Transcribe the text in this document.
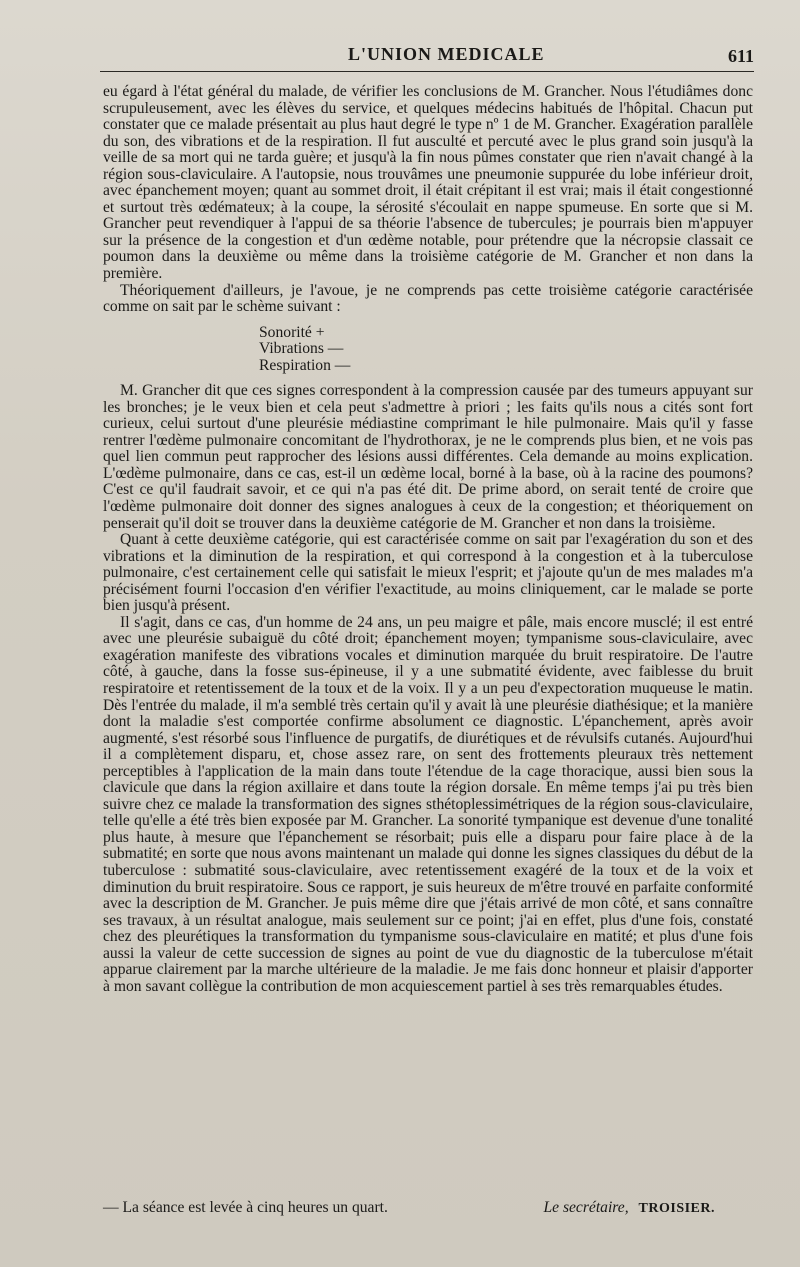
L'UNION MEDICALE	611

eu égard à l'état général du malade, de vérifier les conclusions de M. Grancher. Nous l'étudiâmes donc scrupuleusement, avec les élèves du service, et quelques médecins habitués de l'hôpital. Chacun put constater que ce malade présentait au plus haut degré le type nº 1 de M. Grancher. Exagération parallèle du son, des vibrations et de la respiration. Il fut ausculté et percuté avec le plus grand soin jusqu'à la veille de sa mort qui ne tarda guère; et jusqu'à la fin nous pûmes constater que rien n'avait changé à la région sous-claviculaire. A l'autopsie, nous trouvâmes une pneumonie suppurée du lobe inférieur droit, avec épanchement moyen; quant au sommet droit, il était crépitant il est vrai; mais il était congestionné et surtout très œdémateux; à la coupe, la sérosité s'écoulait en nappe spumeuse. En sorte que si M. Grancher peut revendiquer à l'appui de sa théorie l'absence de tubercules; je pourrais bien m'appuyer sur la présence de la congestion et d'un œdème notable, pour prétendre que la nécropsie classait ce poumon dans la deuxième ou même dans la troisième catégorie de M. Grancher et non dans la première.

Théoriquement d'ailleurs, je l'avoue, je ne comprends pas cette troisième catégorie caractérisée comme on sait par le schème suivant :

Sonorité +
Vibrations —
Respiration —

M. Grancher dit que ces signes correspondent à la compression causée par des tumeurs appuyant sur les bronches; je le veux bien et cela peut s'admettre à priori ; les faits qu'ils nous a cités sont fort curieux, celui surtout d'une pleurésie médiastine comprimant le hile pulmonaire. Mais qu'il y fasse rentrer l'œdème pulmonaire concomitant de l'hydrothorax, je ne le comprends plus bien, et ne vois pas quel lien commun peut rapprocher des lésions aussi différentes. Cela demande au moins explication. L'œdème pulmonaire, dans ce cas, est-il un œdème local, borné à la base, où à la racine des poumons? C'est ce qu'il faudrait savoir, et ce qui n'a pas été dit. De prime abord, on serait tenté de croire que l'œdème pulmonaire doit donner des signes analogues à ceux de la congestion; et théoriquement on penserait qu'il doit se trouver dans la deuxième catégorie de M. Grancher et non dans la troisième.

Quant à cette deuxième catégorie, qui est caractérisée comme on sait par l'exagération du son et des vibrations et la diminution de la respiration, et qui correspond à la congestion et à la tuberculose pulmonaire, c'est certainement celle qui satisfait le mieux l'esprit; et j'ajoute qu'un de mes malades m'a précisément fourni l'occasion d'en vérifier l'exactitude, au moins cliniquement, car le malade se porte bien jusqu'à présent.

Il s'agit, dans ce cas, d'un homme de 24 ans, un peu maigre et pâle, mais encore musclé; il est entré avec une pleurésie subaiguë du côté droit; épanchement moyen; tympanisme sous-claviculaire, avec exagération manifeste des vibrations vocales et diminution marquée du bruit respiratoire. De l'autre côté, à gauche, dans la fosse sus-épineuse, il y a une submatité évidente, avec faiblesse du bruit respiratoire et retentissement de la toux et de la voix. Il y a un peu d'expectoration muqueuse le matin. Dès l'entrée du malade, il m'a semblé très certain qu'il y avait là une pleurésie diathésique; et la manière dont la maladie s'est comportée confirme absolument ce diagnostic. L'épanchement, après avoir augmenté, s'est résorbé sous l'influence de purgatifs, de diurétiques et de révulsifs cutanés. Aujourd'hui il a complètement disparu, et, chose assez rare, on sent des frottements pleuraux très nettement perceptibles à l'application de la main dans toute l'étendue de la cage thoracique, aussi bien sous la clavicule que dans la région axillaire et dans toute la région dorsale. En même temps j'ai pu très bien suivre chez ce malade la transformation des signes sthétoplessimétriques de la région sous-claviculaire, telle qu'elle a été très bien exposée par M. Grancher. La sonorité tympanique est devenue d'une tonalité plus haute, à mesure que l'épanchement se résorbait; puis elle a disparu pour faire place à de la submatité; en sorte que nous avons maintenant un malade qui donne les signes classiques du début de la tuberculose : submatité sous-claviculaire, avec retentissement exagéré de la toux et de la voix et diminution du bruit respiratoire. Sous ce rapport, je suis heureux de m'être trouvé en parfaite conformité avec la description de M. Grancher. Je puis même dire que j'étais arrivé de mon côté, et sans connaître ses travaux, à un résultat analogue, mais seulement sur ce point; j'ai en effet, plus d'une fois, constaté chez des pleurétiques la transformation du tympanisme sous-claviculaire en matité; et plus d'une fois aussi la valeur de cette succession de signes au point de vue du diagnostic de la tuberculose m'était apparue clairement par la marche ultérieure de la maladie. Je me fais donc honneur et plaisir d'apporter à mon savant collègue la contribution de mon acquiescement partiel à ses très remarquables études.

— La séance est levée à cinq heures un quart.	Le secrétaire, TROISIER.
